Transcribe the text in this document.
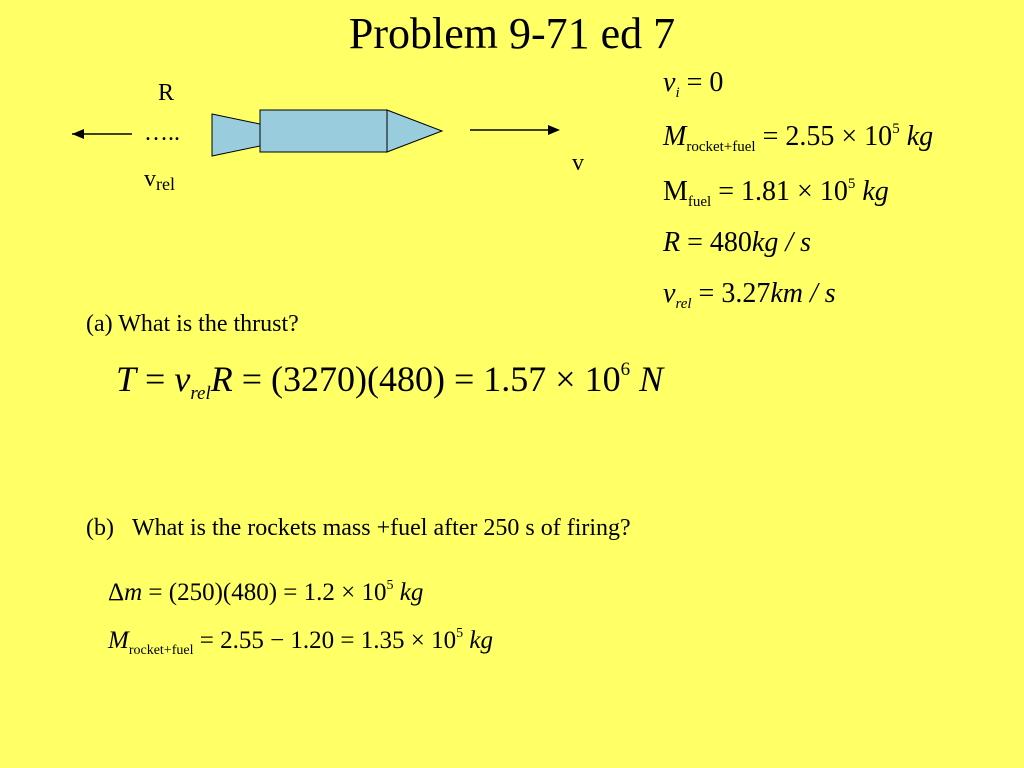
Problem 9-71 ed 7
R
…..
vrel
v
$v_i = 0$
$M_{rocket+fuel} = 2.55 \times 10^5$ kg
$M_{fuel} = 1.81 \times 10^5$ kg
R = 480kg / s
$v_{rel} = 3.27km / s$
(a) What is the thrust?
$T = v_{rel}R = (3270)(480) = 1.57 \times 10^6$ N
(b) What is the rockets mass +fuel after 250 s of firing?
$\Delta m = (250)(480) = 1.2 \times 10^5$ kg
$M_{rocket+fuel} = 2.55 - 1.20 = 1.35 \times 10^5$ kg
